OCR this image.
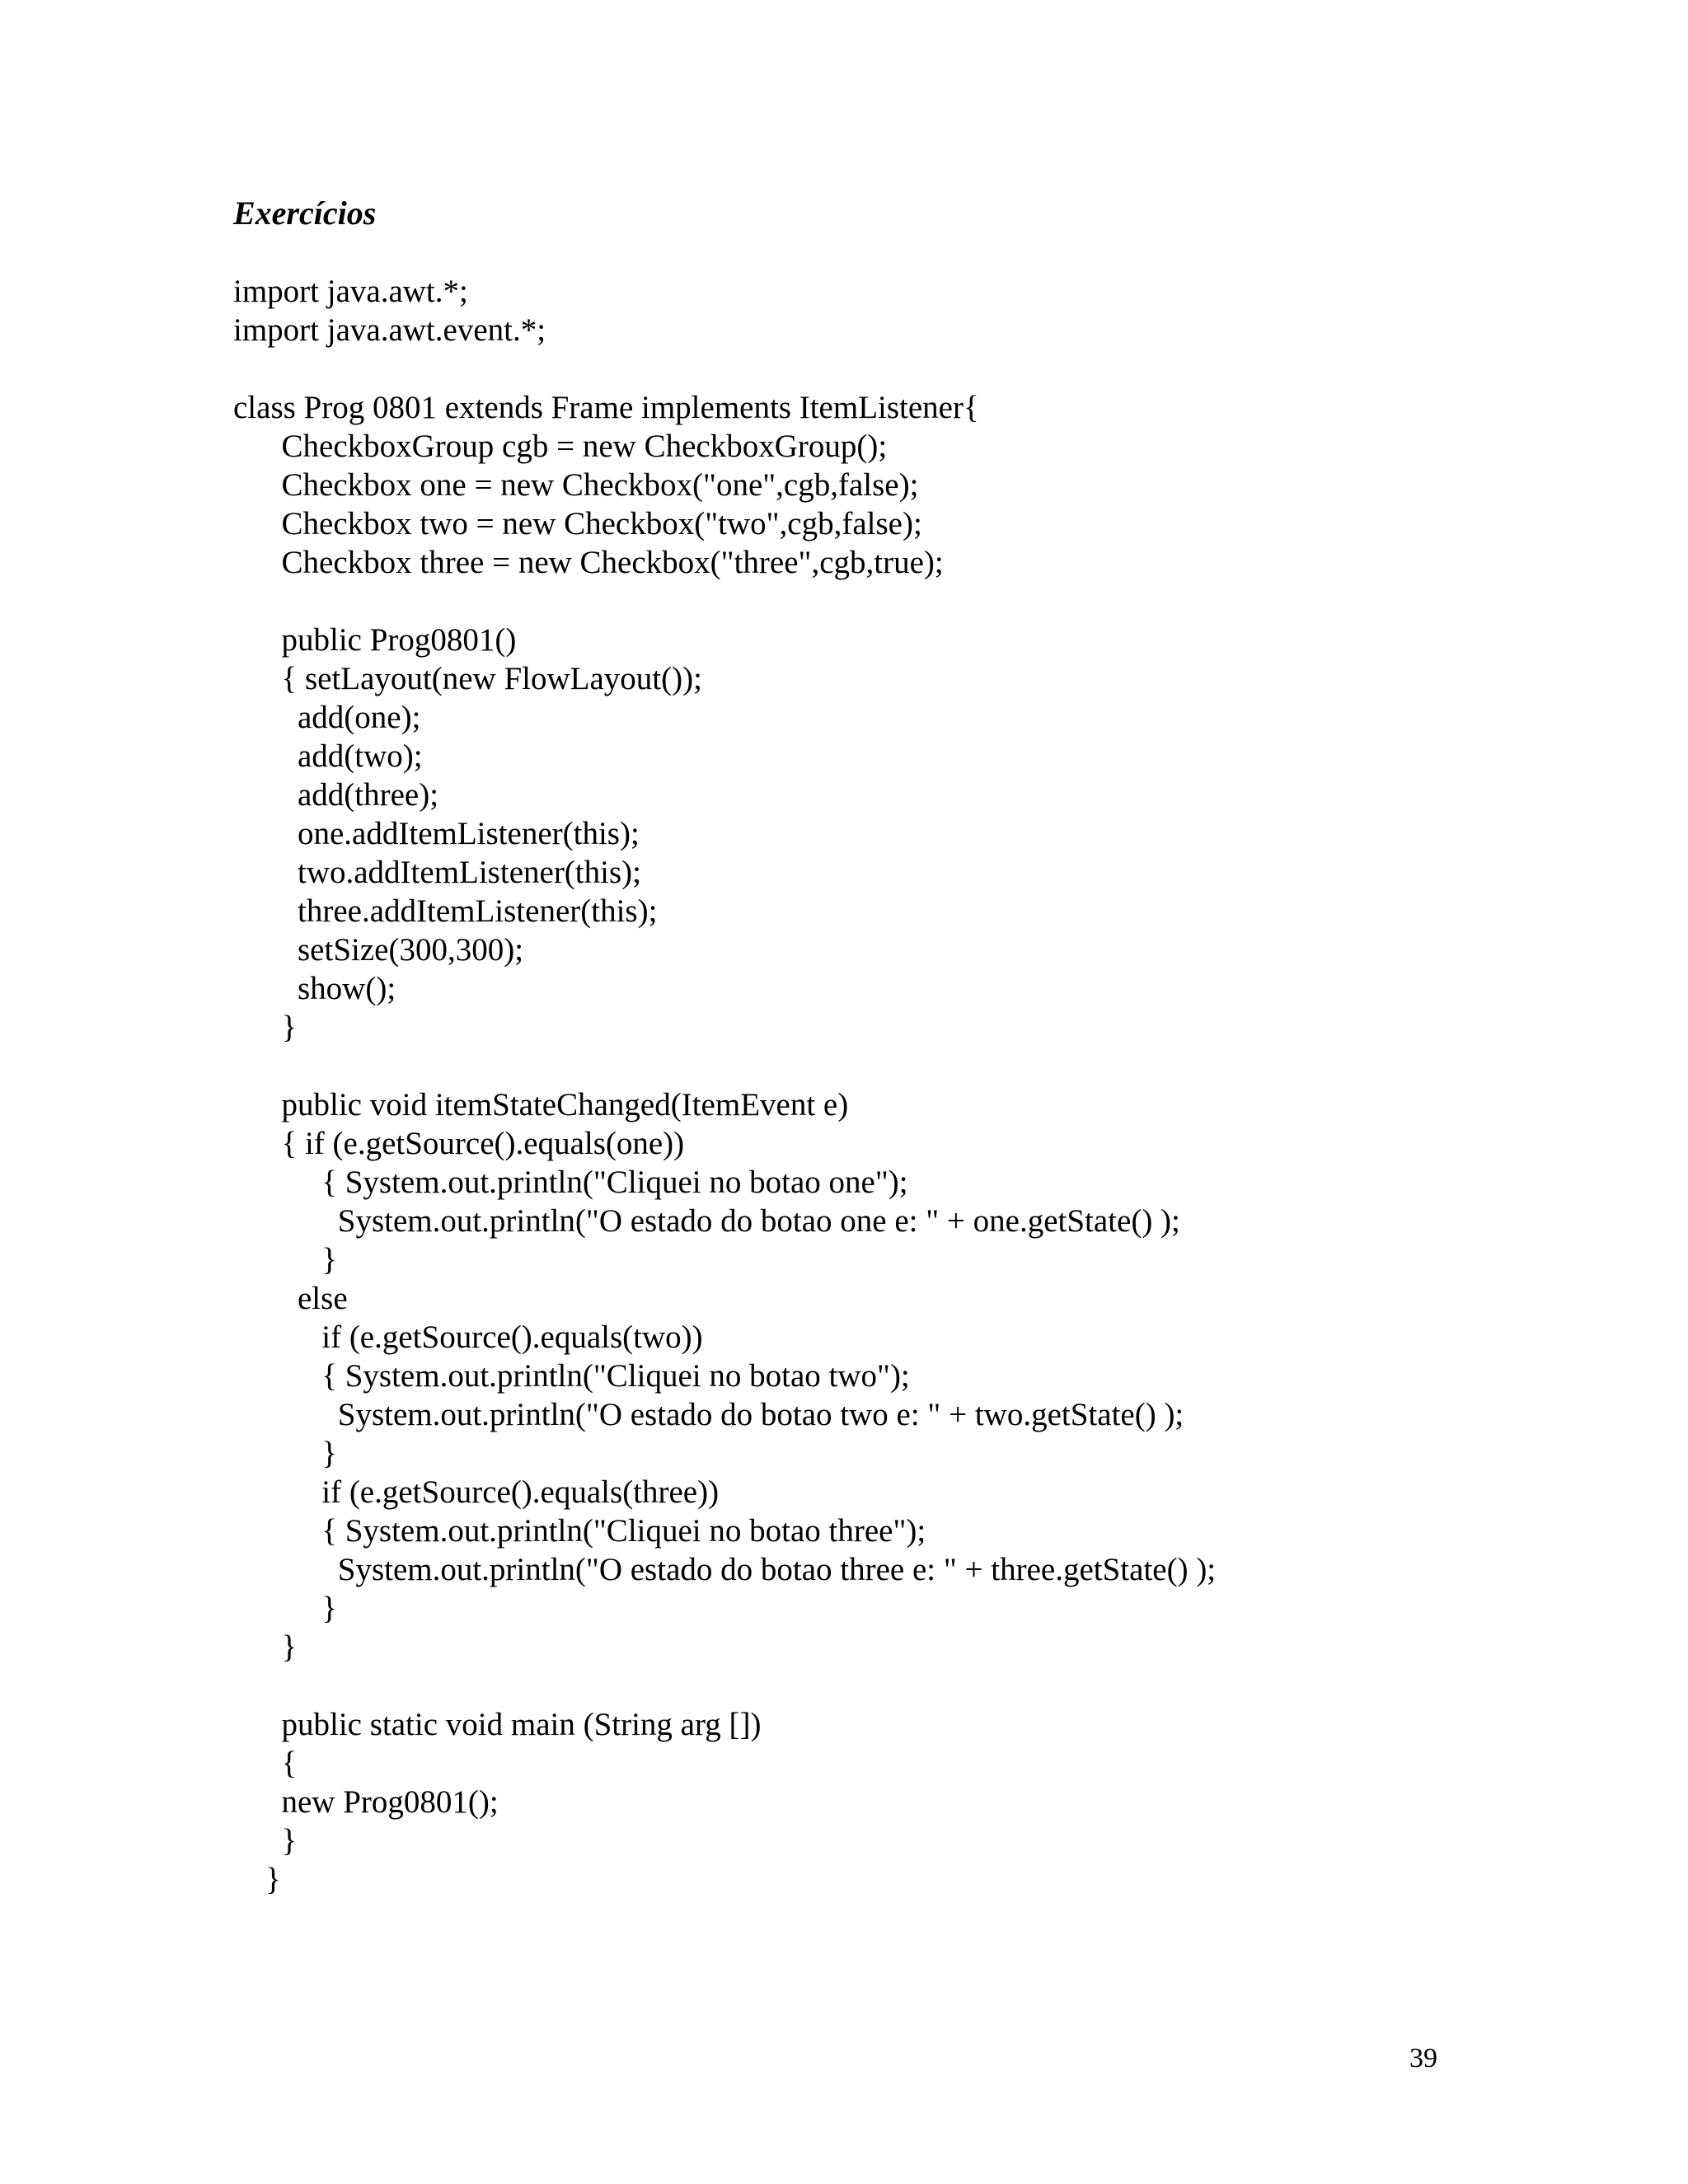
Exercícios
import java.awt.*;
import java.awt.event.*;
class Prog 0801 extends Frame implements ItemListener{
CheckboxGroup cgb = new CheckboxGroup();
Checkbox one = new Checkbox("one",cgb,false);
Checkbox two = new Checkbox("two",cgb,false);
Checkbox three = new Checkbox("three",cgb,true);
public Prog0801()
{ setLayout(new FlowLayout());
add(one);
add(two);
add(three);
one.addItemListener(this);
two.addItemListener(this);
three.addItemListener(this);
setSize(300,300);
show();
}
public void itemStateChanged(ItemEvent e)
{ if (e.getSource().equals(one))
{ System.out.println("Cliquei no botao one");
System.out.println("O estado do botao one e: " + one.getState() );
}
else
if (e.getSource().equals(two))
{ System.out.println("Cliquei no botao two");
System.out.println("O estado do botao two e: " + two.getState() );
}
if (e.getSource().equals(three))
{ System.out.println("Cliquei no botao three");
System.out.println("O estado do botao three e: " + three.getState() );
}
}
public static void main (String arg [])
{
new Prog0801();
}
}
39
